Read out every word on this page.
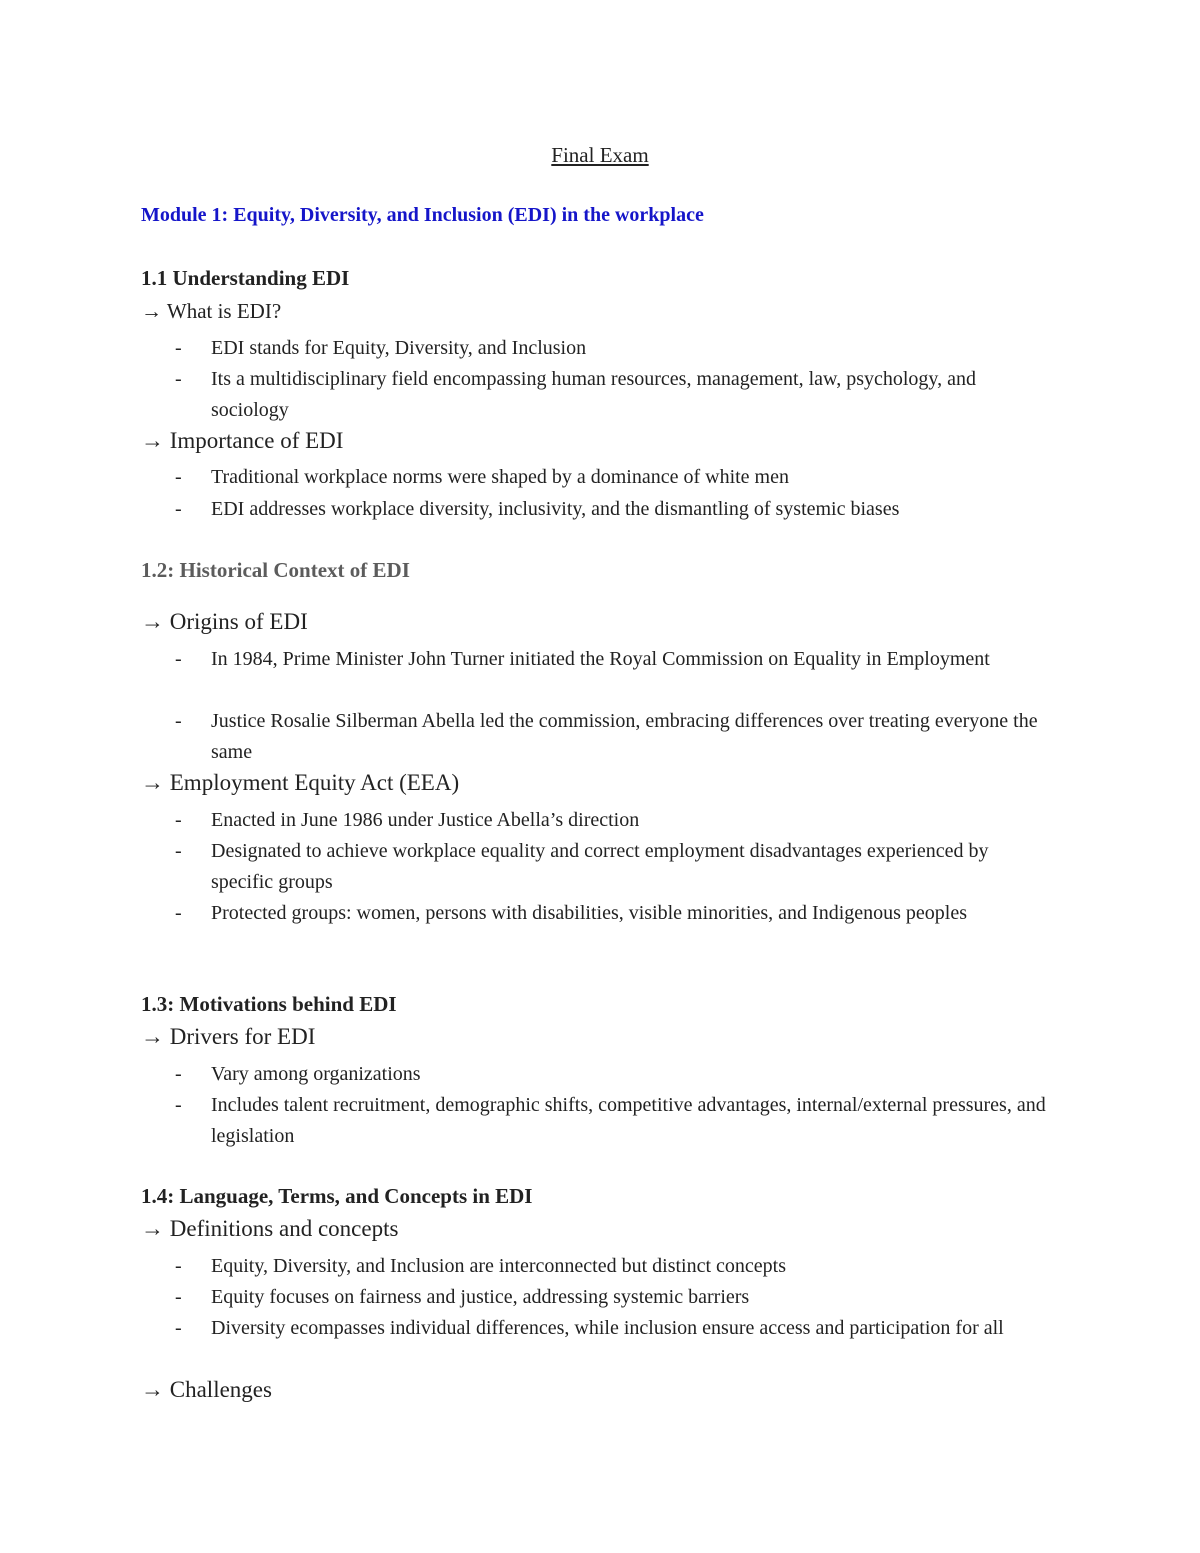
Final Exam
Module 1: Equity, Diversity, and Inclusion (EDI) in the workplace
1.1 Understanding EDI
→ What is EDI?
- EDI stands for Equity, Diversity, and Inclusion
- Its a multidisciplinary field encompassing human resources, management, law, psychology, and sociology
→ Importance of EDI
- Traditional workplace norms were shaped by a dominance of white men
- EDI addresses workplace diversity, inclusivity, and the dismantling of systemic biases
1.2: Historical Context of EDI
→ Origins of EDI
- In 1984, Prime Minister John Turner initiated the Royal Commission on Equality in Employment
- Justice Rosalie Silberman Abella led the commission, embracing differences over treating everyone the same
→ Employment Equity Act (EEA)
- Enacted in June 1986 under Justice Abella’s direction
- Designated to achieve workplace equality and correct employment disadvantages experienced by specific groups
- Protected groups: women, persons with disabilities, visible minorities, and Indigenous peoples
1.3: Motivations behind EDI
→ Drivers for EDI
- Vary among organizations
- Includes talent recruitment, demographic shifts, competitive advantages, internal/external pressures, and legislation
1.4: Language, Terms, and Concepts in EDI
→ Definitions and concepts
- Equity, Diversity, and Inclusion are interconnected but distinct concepts
- Equity focuses on fairness and justice, addressing systemic barriers
- Diversity ecompasses individual differences, while inclusion ensure access and participation for all
→ Challenges
